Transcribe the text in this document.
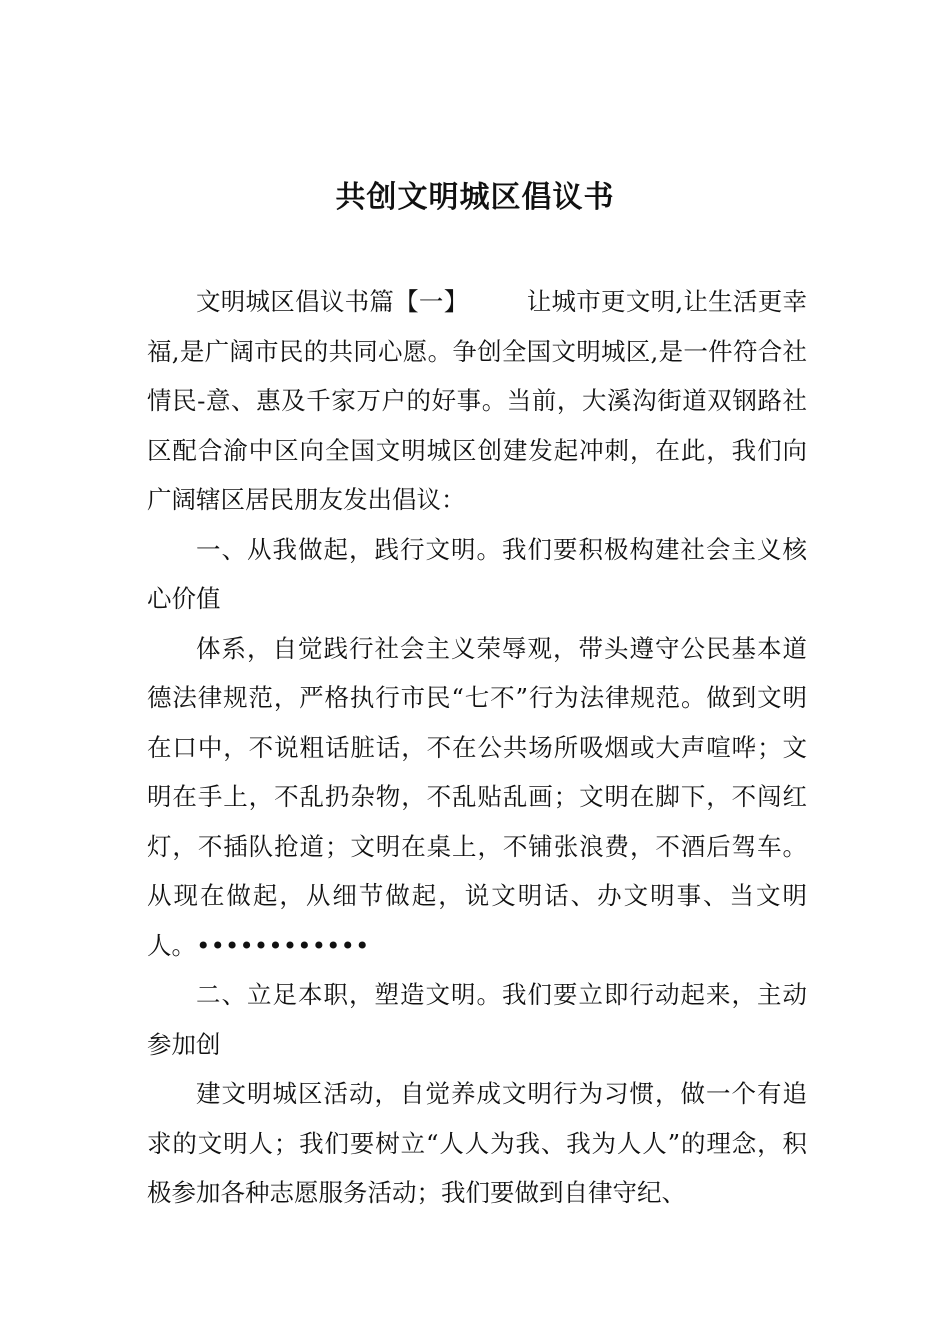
共创文明城区倡议书

文明城区倡议书篇【一】 让城市更文明,让生活更幸福,是广阔市民的共同心愿。争创全国文明城区,是一件符合社情民-意、惠及千家万户的好事。当前，大溪沟街道双钢路社区配合渝中区向全国文明城区创建发起冲刺，在此，我们向广阔辖区居民朋友发出倡议：

一、从我做起，践行文明。我们要积极构建社会主义核心价值

体系，自觉践行社会主义荣辱观，带头遵守公民基本道德法律规范，严格执行市民“七不”行为法律规范。做到文明在口中，不说粗话脏话，不在公共场所吸烟或大声喧哗；文明在手上，不乱扔杂物，不乱贴乱画；文明在脚下，不闯红灯，不插队抢道；文明在桌上，不铺张浪费，不酒后驾车。从现在做起，从细节做起，说文明话、办文明事、当文明人。••••••••••••

二、立足本职，塑造文明。我们要立即行动起来，主动参加创

建文明城区活动，自觉养成文明行为习惯，做一个有追求的文明人；我们要树立“人人为我、我为人人”的理念，积极参加各种志愿服务活动；我们要做到自律守纪、
